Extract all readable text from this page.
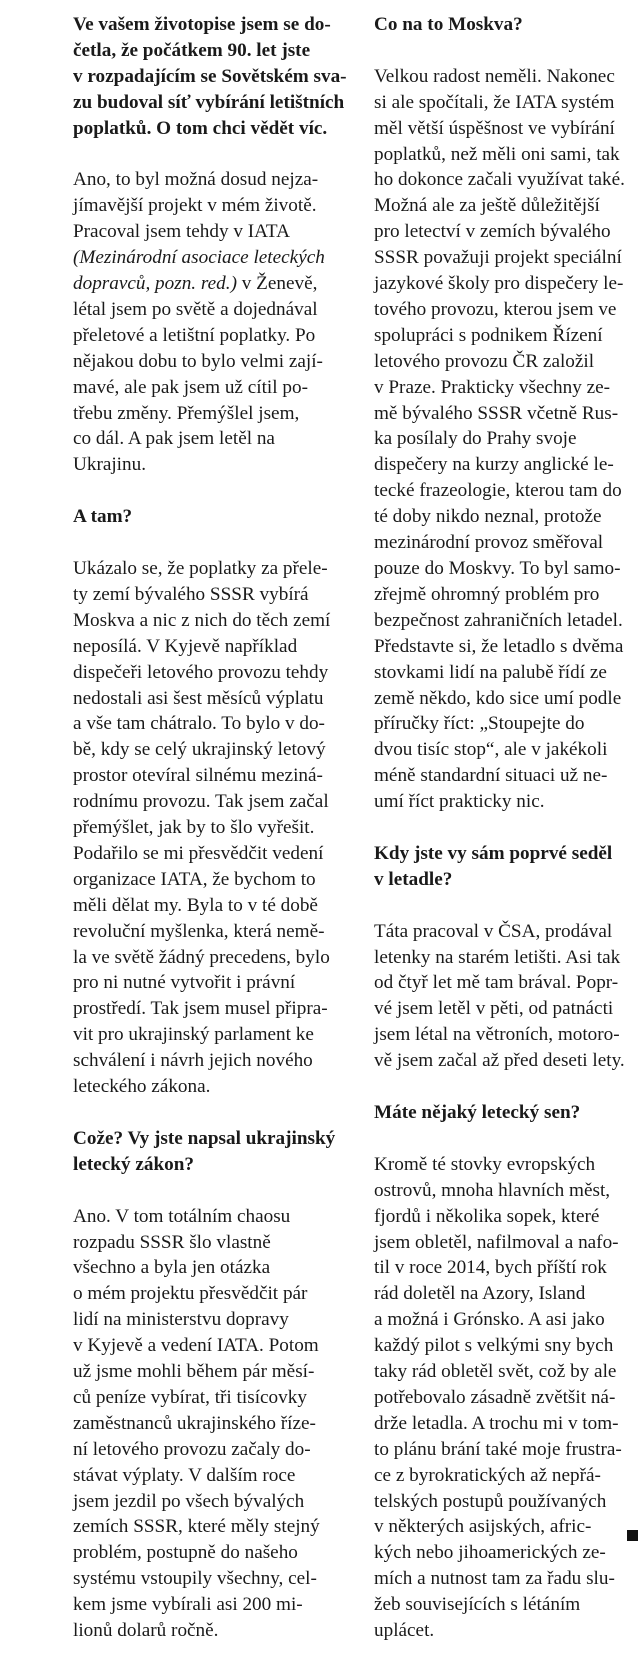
Ve vašem životopise jsem se do-
četla, že počátkem 90. let jste
v rozpadajícím se Sovětském sva-
zu budoval síť vybírání letištních
poplatků. O tom chci vědět víc.
Ano, to byl možná dosud nejza-
jímavější projekt v mém životě.
Pracoval jsem tehdy v IATA
(Mezinárodní asociace leteckých
dopravců, pozn. red.) v Ženevě,
létal jsem po světě a dojednával
přeletové a letištní poplatky. Po
nějakou dobu to bylo velmi zají-
mavé, ale pak jsem už cítil po-
třebu změny. Přemýšlel jsem,
co dál. A pak jsem letěl na
Ukrajinu.
A tam?
Ukázalo se, že poplatky za přele-
ty zemí bývalého SSSR vybírá
Moskva a nic z nich do těch zemí
neposílá. V Kyjevě například
dispečeři letového provozu tehdy
nedostali asi šest měsíců výplatu
a vše tam chátralo. To bylo v do-
bě, kdy se celý ukrajinský letový
prostor otevíral silnému meziná-
rodnímu provozu. Tak jsem začal
přemýšlet, jak by to šlo vyřešit.
Podařilo se mi přesvědčit vedení
organizace IATA, že bychom to
měli dělat my. Byla to v té době
revoluční myšlenka, která nemě-
la ve světě žádný precedens, bylo
pro ni nutné vytvořit i právní
prostředí. Tak jsem musel připra-
vit pro ukrajinský parlament ke
schválení i návrh jejich nového
leteckého zákona.
Cože? Vy jste napsal ukrajinský
letecký zákon?
Ano. V tom totálním chaosu
rozpadu SSSR šlo vlastně
všechno a byla jen otázka
o mém projektu přesvědčit pár
lidí na ministerstvu dopravy
v Kyjevě a vedení IATA. Potom
už jsme mohli během pár měsí-
ců peníze vybírat, tři tisícovky
zaměstnanců ukrajinského říze-
ní letového provozu začaly do-
stávat výplaty. V dalším roce
jsem jezdil po všech bývalých
zemích SSSR, které měly stejný
problém, postupně do našeho
systému vstoupily všechny, cel-
kem jsme vybírali asi 200 mi-
lionů dolarů ročně.
Co na to Moskva?
Velkou radost neměli. Nakonec
si ale spočítali, že IATA systém
měl větší úspěšnost ve vybírání
poplatků, než měli oni sami, tak
ho dokonce začali využívat také.
Možná ale za ještě důležitější
pro letectví v zemích bývalého
SSSR považuji projekt speciální
jazykové školy pro dispečery le-
tového provozu, kterou jsem ve
spolupráci s podnikem Řízení
letového provozu ČR založil
v Praze. Prakticky všechny ze-
mě bývalého SSSR včetně Rus-
ka posílaly do Prahy svoje
dispečery na kurzy anglické le-
tecké frazeologie, kterou tam do
té doby nikdo neznal, protože
mezinárodní provoz směřoval
pouze do Moskvy. To byl samo-
zřejmě ohromný problém pro
bezpečnost zahraničních letadel.
Představte si, že letadlo s dvěma
stovkami lidí na palubě řídí ze
země někdo, kdo sice umí podle
příručky říct: „Stoupejte do
dvou tisíc stop“, ale v jakékoli
méně standardní situaci už ne-
umí říct prakticky nic.
Kdy jste vy sám poprvé seděl
v letadle?
Táta pracoval v ČSA, prodával
letenky na starém letišti. Asi tak
od čtyř let mě tam brával. Popr-
vé jsem letěl v pěti, od patnácti
jsem létal na větroních, motoro-
vě jsem začal až před deseti lety.
Máte nějaký letecký sen?
Kromě té stovky evropských
ostrovů, mnoha hlavních měst,
fjordů i několika sopek, které
jsem obletěl, nafilmoval a nafo-
til v roce 2014, bych příští rok
rád doletěl na Azory, Island
a možná i Grónsko. A asi jako
každý pilot s velkými sny bych
taky rád obletěl svět, což by ale
potřebovalo zásadně zvětšit ná-
drže letadla. A trochu mi v tom-
to plánu brání také moje frustra-
ce z byrokratických až nepřá-
telských postupů používaných
v některých asijských, afric-
kých nebo jihoamerických ze-
mích a nutnost tam za řadu slu-
žeb souvisejících s létáním
uplácet.
